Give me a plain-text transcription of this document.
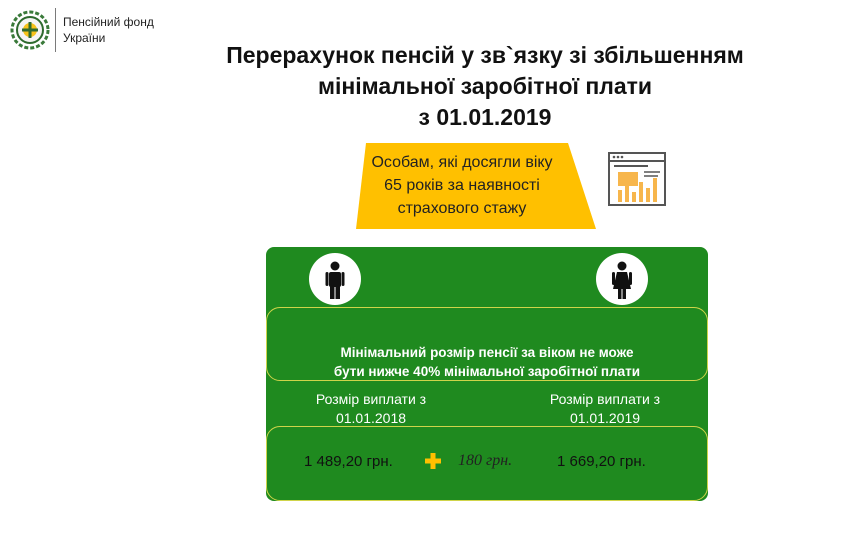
Пенсійний фонд
України
Перерахунок пенсій у зв`язку зі збільшенням
мінімальної заробітної плати
з 01.01.2019
Особам, які досягли віку
65 років за наявності
страхового стажу
Мінімальний розмір пенсії за віком не може
бути нижче 40% мінімальної заробітної плати
Розмір виплати з
01.01.2018
Розмір виплати з
01.01.2019
1 489,20 грн.	180 грн.	1 669,20 грн.
